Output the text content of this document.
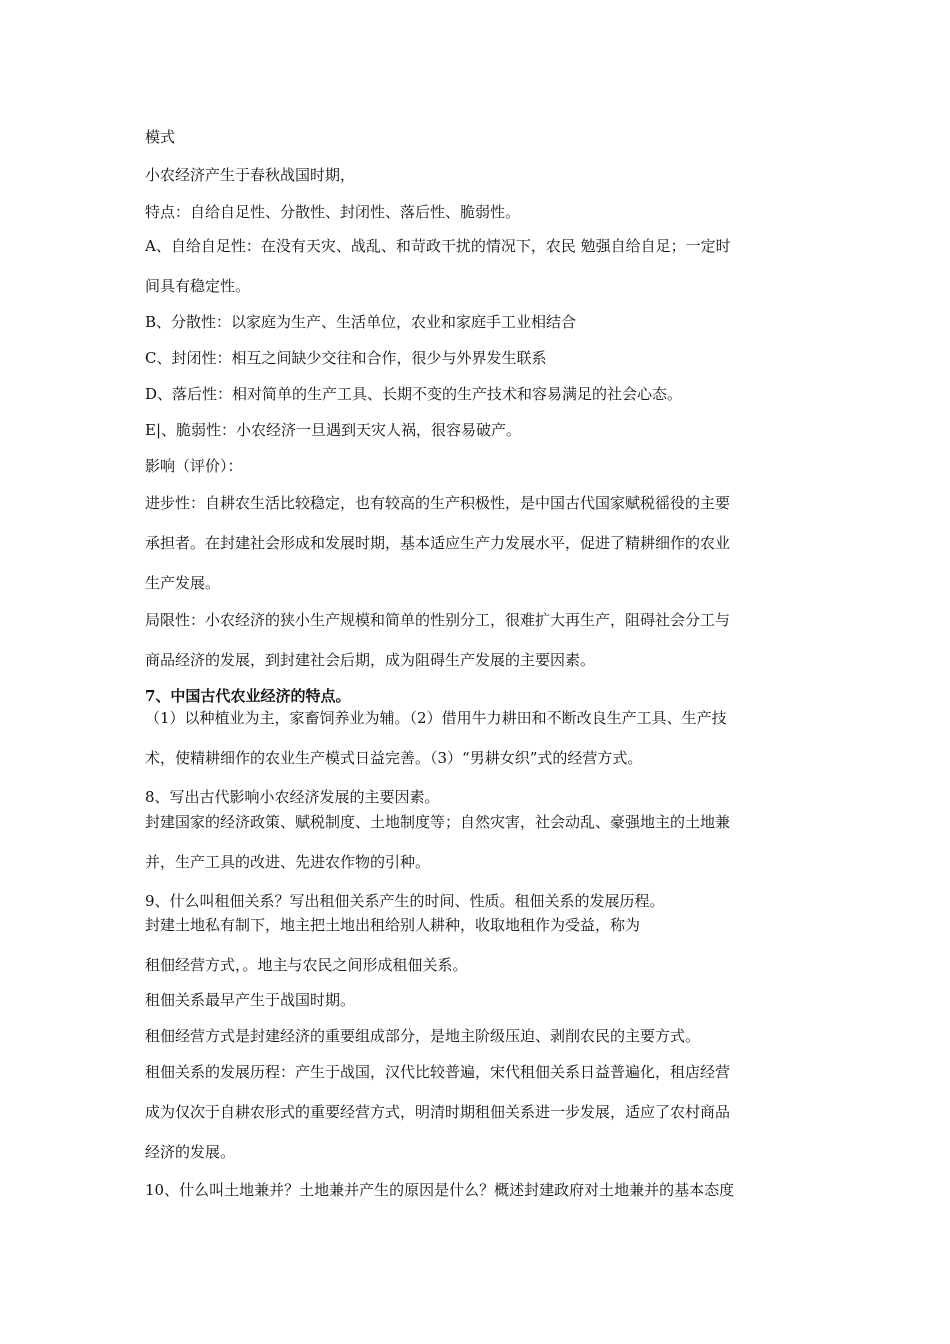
模式
小农经济产生于春秋战国时期，
特点：自给自足性、分散性、封闭性、落后性、脆弱性。
A、自给自足性：在没有天灾、战乱、和苛政干扰的情况下，农民 勉强自给自足；一定时
间具有稳定性。
B、分散性：以家庭为生产、生活单位，农业和家庭手工业相结合
C、封闭性：相互之间缺少交往和合作，很少与外界发生联系
D、落后性：相对简单的生产工具、长期不变的生产技术和容易满足的社会心态。
E|、脆弱性：小农经济一旦遇到天灾人祸，很容易破产。
影响（评价）：
进步性：自耕农生活比较稳定，也有较高的生产积极性，是中国古代国家赋税徭役的主要
承担者。在封建社会形成和发展时期，基本适应生产力发展水平，促进了精耕细作的农业
生产发展。
局限性：小农经济的狭小生产规模和简单的性别分工，很难扩大再生产，阻碍社会分工与
商品经济的发展，到封建社会后期，成为阻碍生产发展的主要因素。
7、中国古代农业经济的特点。
（1）以种植业为主，家畜饲养业为辅。（2）借用牛力耕田和不断改良生产工具、生产技
术，使精耕细作的农业生产模式日益完善。（3）“男耕女织”式的经营方式。
8、写出古代影响小农经济发展的主要因素。
封建国家的经济政策、赋税制度、土地制度等；自然灾害，社会动乱、豪强地主的土地兼
并，生产工具的改进、先进农作物的引种。
9、什么叫租佃关系？写出租佃关系产生的时间、性质。租佃关系的发展历程。
封建土地私有制下，地主把土地出租给别人耕种，收取地租作为受益，称为
租佃经营方式，。地主与农民之间形成租佃关系。
租佃关系最早产生于战国时期。
租佃经营方式是封建经济的重要组成部分，是地主阶级压迫、剥削农民的主要方式。
租佃关系的发展历程：产生于战国，汉代比较普遍，宋代租佃关系日益普遍化，租店经营
成为仅次于自耕农形式的重要经营方式，明清时期租佃关系进一步发展，适应了农村商品
经济的发展。
10、什么叫土地兼并？土地兼并产生的原因是什么？概述封建政府对土地兼并的基本态度
